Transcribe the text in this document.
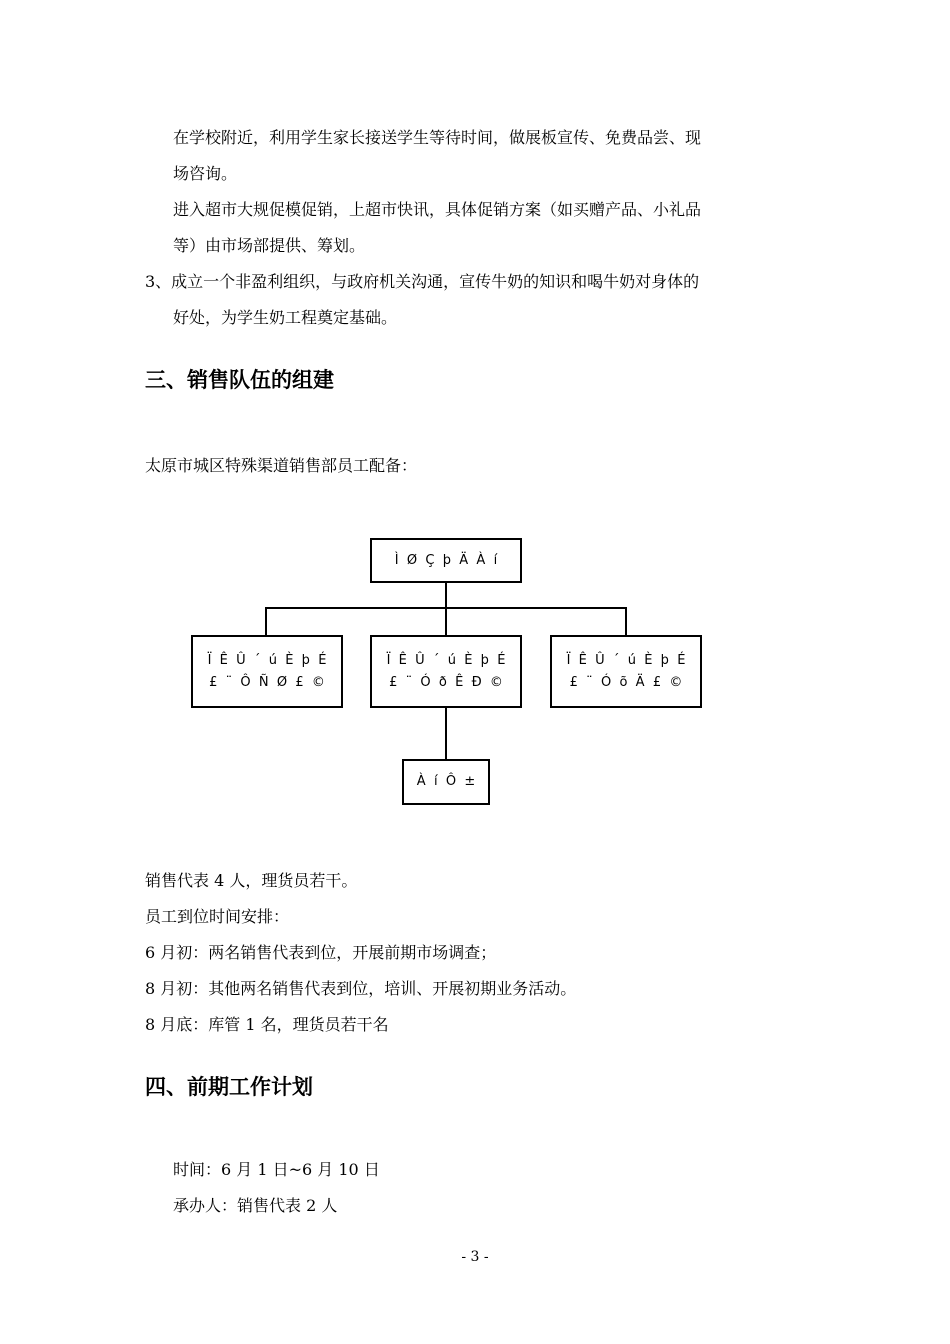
在学校附近，利用学生家长接送学生等待时间，做展板宣传、免费品尝、现
场咨询。
进入超市大规促模促销，上超市快讯，具体促销方案（如买赠产品、小礼品
等）由市场部提供、筹划。
3、成立一个非盈利组织，与政府机关沟通，宣传牛奶的知识和喝牛奶对身体的
好处，为学生奶工程奠定基础。
三、销售队伍的组建
太原市城区特殊渠道销售部员工配备：
Ì  Ø  Ç  þ  Ä  À  í
Ï  Ê  Û  ´  ú  È  þ  É
£  ¨  Ô  Ñ  Ø  £  ©
Ï  Ê  Û  ´  ú  È  þ  É
£  ¨  Ó  ð  Ê  Ð  ©
Ï  Ê  Û  ´  ú  È  þ  É
£  ¨  Ó  õ  Ä  £  ©
À  í  Ô  ±
销售代表 4 人，理货员若干。
员工到位时间安排：
6 月初：两名销售代表到位，开展前期市场调查；
8 月初：其他两名销售代表到位，培训、开展初期业务活动。
8 月底：库管 1 名，理货员若干名
四、前期工作计划
时间：6 月 1 日~6 月 10 日
承办人：销售代表 2 人
- 3 -
